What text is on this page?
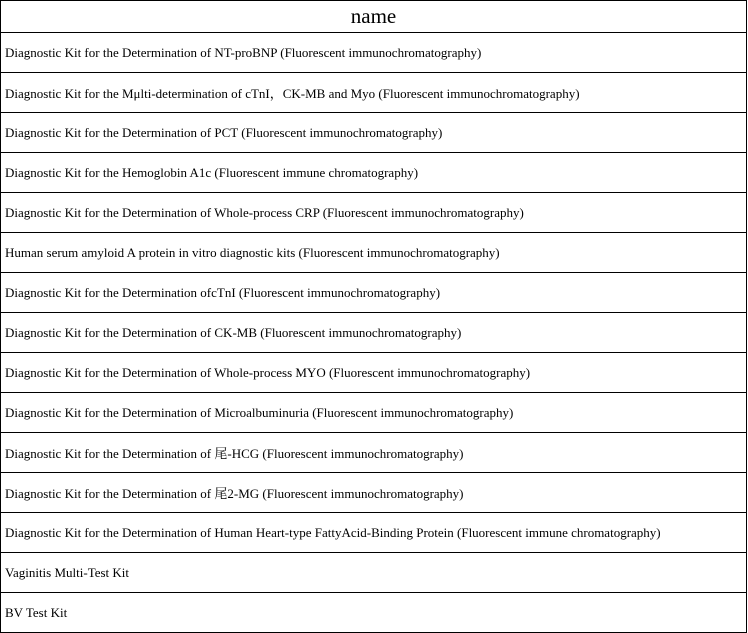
name
Diagnostic Kit for the Determination of NT-proBNP (Fluorescent immunochromatography)
Diagnostic Kit for the Mμlti-determination of cTnI，CK-MB and Myo (Fluorescent immunochromatography)
Diagnostic Kit for the Determination of PCT (Fluorescent immunochromatography)
Diagnostic Kit for the Hemoglobin A1c (Fluorescent immune chromatography)
Diagnostic Kit for the Determination of Whole-process CRP (Fluorescent immunochromatography)
Human serum amyloid A protein in vitro diagnostic kits (Fluorescent immunochromatography)
Diagnostic Kit for the Determination ofcTnI (Fluorescent immunochromatography)
Diagnostic Kit for the Determination of CK-MB (Fluorescent immunochromatography)
Diagnostic Kit for the Determination of Whole-process MYO (Fluorescent immunochromatography)
Diagnostic Kit for the Determination of Microalbuminuria (Fluorescent immunochromatography)
Diagnostic Kit for the Determination of 尾-HCG (Fluorescent immunochromatography)
Diagnostic Kit for the Determination of 尾2-MG (Fluorescent immunochromatography)
Diagnostic Kit for the Determination of Human Heart-type FattyAcid-Binding Protein (Fluorescent immune chromatography)
Vaginitis Multi-Test Kit
BV Test Kit
